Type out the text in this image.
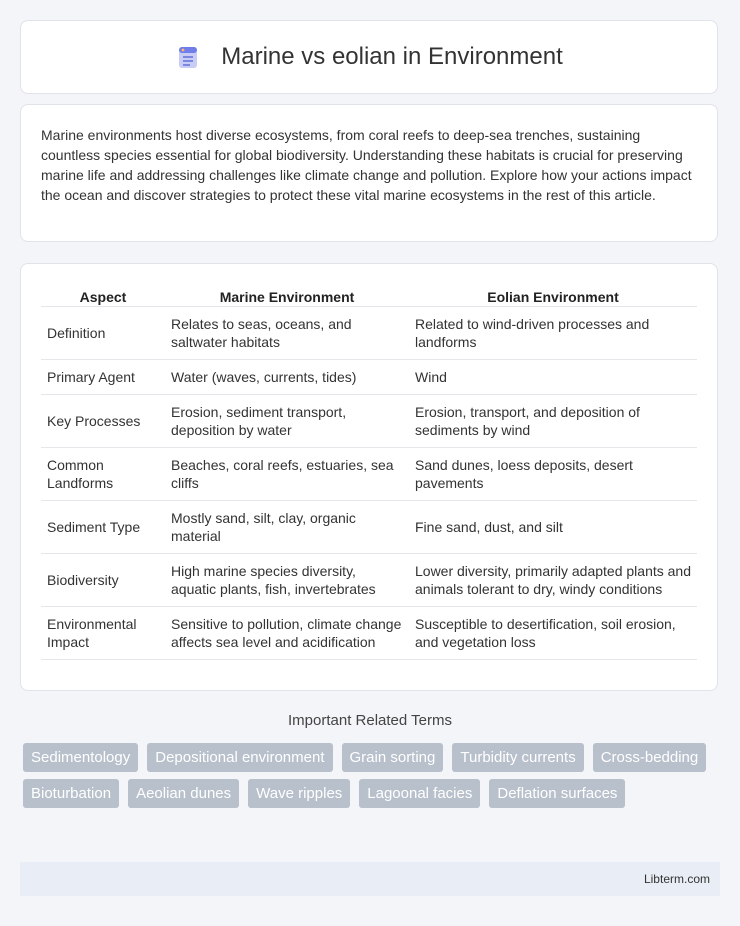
Marine vs eolian in Environment

Marine environments host diverse ecosystems, from coral reefs to deep-sea trenches, sustaining countless species essential for global biodiversity. Understanding these habitats is crucial for preserving marine life and addressing challenges like climate change and pollution. Explore how your actions impact the ocean and discover strategies to protect these vital marine ecosystems in the rest of this article.

Aspect	Marine Environment	Eolian Environment
Definition	Relates to seas, oceans, and saltwater habitats	Related to wind-driven processes and landforms
Primary Agent	Water (waves, currents, tides)	Wind
Key Processes	Erosion, sediment transport, deposition by water	Erosion, transport, and deposition of sediments by wind
Common Landforms	Beaches, coral reefs, estuaries, sea cliffs	Sand dunes, loess deposits, desert pavements
Sediment Type	Mostly sand, silt, clay, organic material	Fine sand, dust, and silt
Biodiversity	High marine species diversity, aquatic plants, fish, invertebrates	Lower diversity, primarily adapted plants and animals tolerant to dry, windy conditions
Environmental Impact	Sensitive to pollution, climate change affects sea level and acidification	Susceptible to desertification, soil erosion, and vegetation loss
Important Related Terms
Sedimentology	Depositional environment	Grain sorting	Turbidity currents	Cross-bedding
Bioturbation	Aeolian dunes	Wave ripples	Lagoonal facies	Deflation surfaces
Libterm.com
